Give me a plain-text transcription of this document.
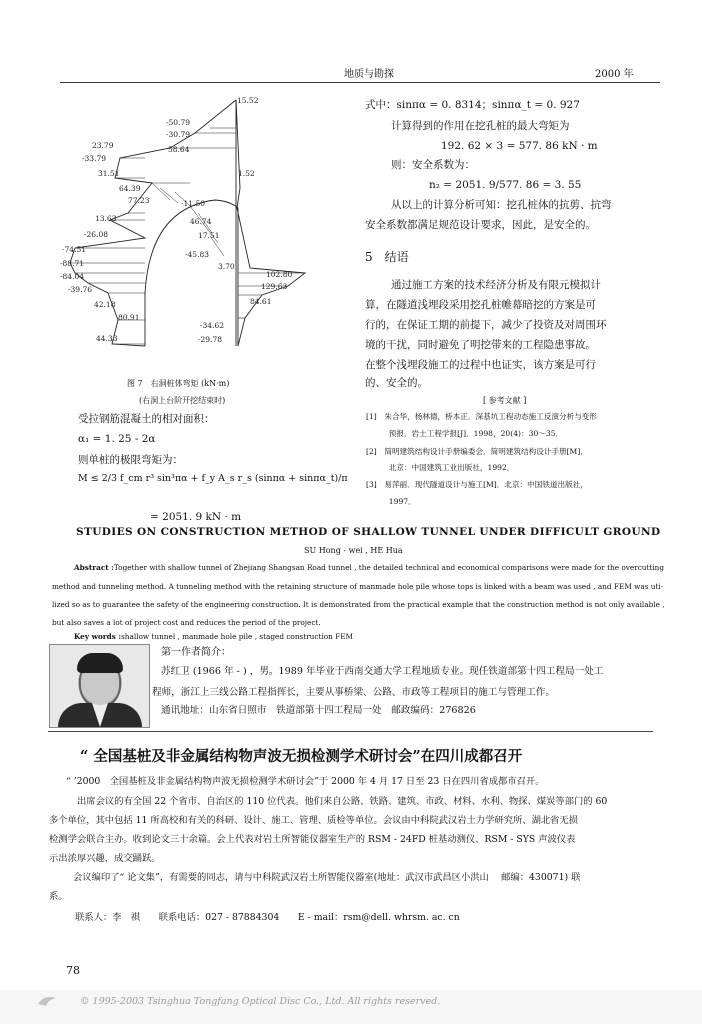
地质与勘探	2000 年
15.52
-50.79
-30.79
58.64
23.79
-33.79
31.51
64.39
77.23	-11.50
1.52
13.63
-26.08
46.74
17.51
-74.51
-45.83
-88.71
-84.04
3.70
-39.76
102.80
129.63
42.18	84.61
80.91
-34.62
44.33	-29.78
图 7　右洞桩体弯矩 (kN·m)
(右洞上台阶开挖结束时)
受拉钢筋混凝土的相对面积：
α₁ = 1. 25 - 2α
则单桩的极限弯矩为：
M ≤ 2/3 f_cm r³ sin³πα + f_y A_s r_s (sinπα + sinπα_t)/π
= 2051. 9 kN · m
式中：sinπα = 0. 8314；sinπα_t = 0. 927
计算得到的作用在挖孔桩的最大弯矩为
192. 62 × 3 = 577. 86 kN · m
则：安全系数为：
n₂ = 2051. 9/577. 86 = 3. 55
从以上的计算分析可知：挖孔桩体的抗剪、抗弯
安全系数都满足规范设计要求，因此，是安全的。
5　结语
通过施工方案的技术经济分析及有限元模拟计
算，在隧道浅埋段采用挖孔桩帷幕暗挖的方案是可
行的，在保证工期的前提下，减少了投资及对周围环
境的干扰，同时避免了明挖带来的工程隐患事故。
在整个浅埋段施工的过程中也证实，该方案是可行
的、安全的。
[ 参考文献 ]
[1]　朱合华，杨林德，桥本正．深基坑工程动态施工反演分析与变形
　　　预报．岩土工程学报[J]．1998，20(4)：30～35．
[2]　简明建筑结构设计手册编委会．简明建筑结构设计手册[M]．
　　　北京：中国建筑工业出版社，1992．
[3]　易萍丽．现代隧道设计与施工[M]．北京：中国铁道出版社，
　　　1997．
STUDIES ON CONSTRUCTION METHOD OF SHALLOW TUNNEL UNDER DIFFICULT GROUND
SU Hong - wei , HE Hua
Abstract :Together with shallow tunnel of Zhejiang Shangsan Road tunnel , the detailed technical and economical comparisons were made for the overcutting
method and tunneling method. A tunneling method with the retaining structure of manmade hole pile whose tops is linked with a beam was used , and FEM was uti-
lized so as to guarantee the safety of the engineering construction. It is demonstrated from the practical example that the construction method is not only available ,
but also saves a lot of project cost and reduces the period of the project.
Key words :shallow tunnel , manmade hole pile , staged construction FEM
第一作者简介：
苏红卫 (1966 年 - ) ，男。1989 年毕业于西南交通大学工程地质专业。现任铁道部第十四工程局一处工
程师，浙江上三线公路工程指挥长，主要从事桥梁、公路、市政等工程项目的施工与管理工作。
通讯地址：山东省日照市　铁道部第十四工程局一处　邮政编码：276826
“ 全国基桩及非金属结构物声波无损检测学术研讨会”在四川成都召开
“ ’2000　全国基桩及非金属结构物声波无损检测学术研讨会”于 2000 年 4 月 17 日至 23 日在四川省成都市召开。
出席会议的有全国 22 个省市、自治区的 110 位代表。他们来自公路、铁路、建筑、市政、材料、水利、物探、煤炭等部门的 60
多个单位，其中包括 11 所高校和有关的科研、设计、施工、管理、质检等单位。会议由中科院武汉岩土力学研究所、湖北省无损
检测学会联合主办。收到论文三十余篇。会上代表对岩土所智能仪器室生产的 RSM - 24FD 桩基动测仪、RSM - SYS 声波仪表
示出浓厚兴趣，成交踊跃。
会议编印了“ 论文集”，有需要的同志，请与中科院武汉岩土所智能仪器室(地址：武汉市武昌区小洪山　 邮编：430071) 联
系。
联系人：李　祺　　联系电话：027 - 87884304　　E - mail：rsm@dell. whrsm. ac. cn
78
© 1995-2003 Tsinghua Tongfang Optical Disc Co., Ltd. All rights reserved.
